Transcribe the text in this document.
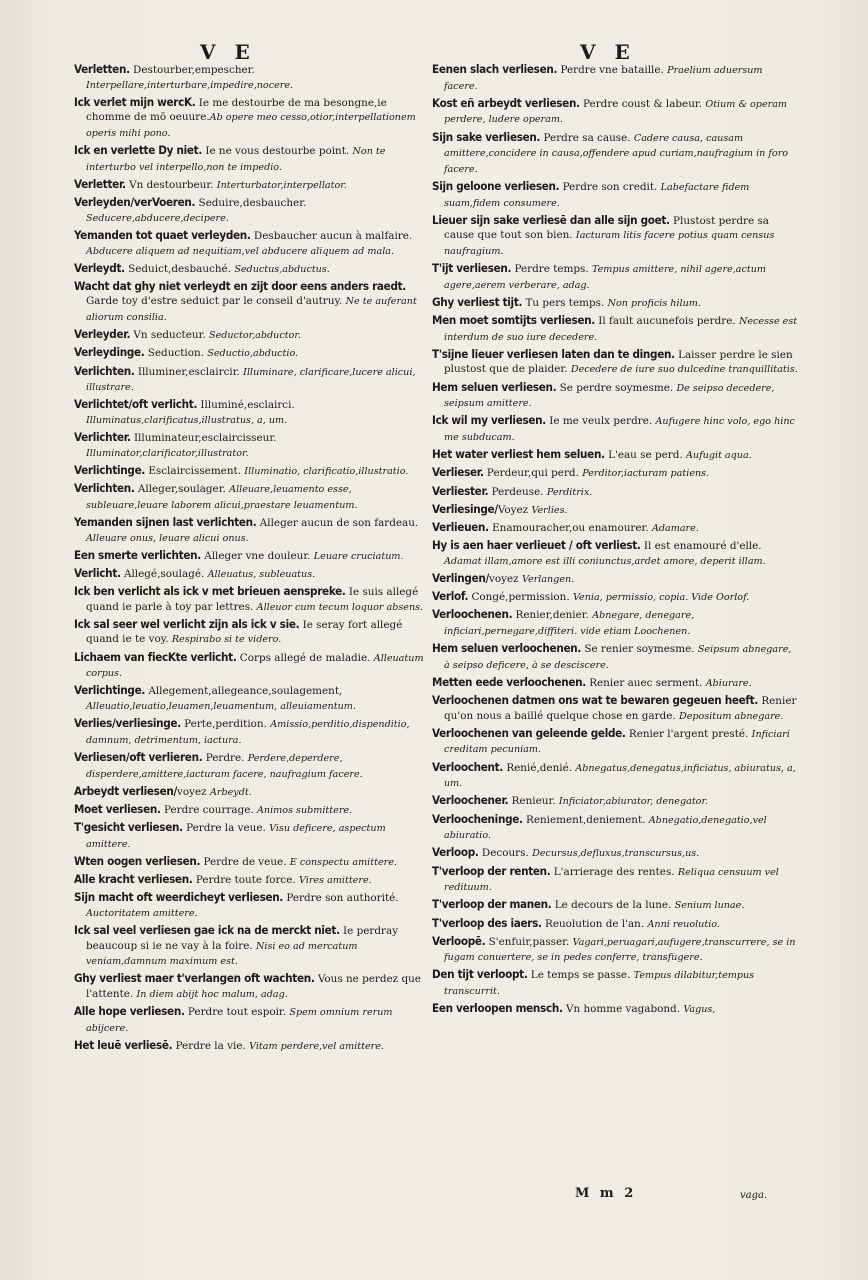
V E	V E

Verletten. Destourber,empescher. Interpellare,interturbare,impedire,nocere.

Ick verlet mijn wercK. Ie me destourbe de ma besongne,ie chomme de mō oeuure.Ab opere meo cesso,otior,interpellationem operis mihi pono.

Ick en verlette Dy niet. Ie ne vous destourbe point. Non te interturbo vel interpello,non te impedio.

Verletter. Vn destourbeur. Interturbator,interpellator.

Verleyden/verVoeren. Seduire,desbaucher. Seducere,abducere,decipere.

Yemanden tot quaet verleyden. Desbaucher aucun à malfaire. Abducere aliquem ad nequitiam,vel abducere aliquem ad mala.

Verleydt. Seduict,desbauché. Seductus,abductus.

Wacht dat ghy niet verleydt en zijt door eens anders raedt. Garde toy d'estre seduict par le conseil d'autruy. Ne te auferant aliorum consilia.

Verleyder. Vn seducteur. Seductor,abductor.

Verleydinge. Seduction. Seductio,abductio.

Verlichten. Illuminer,esclaircir. Illuminare, clarificare,lucere alicui, illustrare.

Verlichtet/oft verlicht. Illuminé,esclairci. Illuminatus,clarificatus,illustratus, a, um.

Verlichter. Illuminateur,esclaircisseur. Illuminator,clarificator,illustrator.

Verlichtinge. Esclaircissement. Illuminatio, clarificatio,illustratio.

Verlichten. Alleger,soulager. Alleuare,leuamento esse, subleuare,leuare laborem alicui,praestare leuamentum.

Yemanden sijnen last verlichten. Alleger aucun de son fardeau. Alleuare onus, leuare alicui onus.

Een smerte verlichten. Alleger vne douleur. Leuare cruciatum.

Verlicht. Allegé,soulagé. Alleuatus, subleuatus.

Ick ben verlicht als ick v met brieuen aenspreke. Ie suis allegé quand ie parle à toy par lettres. Alleuor cum tecum loquor absens.

Ick sal seer wel verlicht zijn als ick v sie. Ie seray fort allegé quand ie te voy. Respirabo si te videro.

Lichaem van fiecKte verlicht. Corps allegé de maladie. Alleuatum corpus.

Verlichtinge. Allegement,allegeance,soulagement, Alleuatio,leuatio,leuamen,leuamentum, alleuiamentum.

Verlies/verliesinge. Perte,perdition. Amissio,perditio,dispenditio, damnum, detrimentum, iactura.

Verliesen/oft verlieren. Perdre. Perdere,deperdere, disperdere,amittere,iacturam facere, naufragium facere.

Arbeydt verliesen/voyez Arbeydt.

Moet verliesen. Perdre courrage. Animos submittere.

T'gesicht verliesen. Perdre la veue. Visu deficere, aspectum amittere.

Wten oogen verliesen. Perdre de veue. E conspectu amittere.

Alle kracht verliesen. Perdre toute force. Vires amittere.

Sijn macht oft weerdicheyt verliesen. Perdre son authorité. Auctoritatem amittere.

Ick sal veel verliesen gae ick na de merckt niet. Ie perdray beaucoup si ie ne vay à la foire. Nisi eo ad mercatum veniam,damnum maximum est.

Ghy verliest maer t'verlangen oft wachten. Vous ne perdez que l'attente. In diem abijt hoc malum, adag.

Alle hope verliesen. Perdre tout espoir. Spem omnium rerum abijcere.

Het leuē verliesē. Perdre la vie. Vitam perdere,vel amittere.

Eenen slach verliesen. Perdre vne bataille. Praelium aduersum facere.

Kost eñ arbeydt verliesen. Perdre coust & labeur. Otium & operam perdere, ludere operam.

Sijn sake verliesen. Perdre sa cause. Cadere causa, causam amittere,concidere in causa,offendere apud curiam,naufragium in foro facere.

Sijn geloone verliesen. Perdre son credit. Labefactare fidem suam,fidem consumere.

Lieuer sijn sake verliesē dan alle sijn goet. Plustost perdre sa cause que tout son bien. Iacturam litis facere potius quam census naufragium.

T'ijt verliesen. Perdre temps. Tempus amittere, nihil agere,actum agere,aerem verberare, adag.

Ghy verliest tijt. Tu pers temps. Non proficis hilum.

Men moet somtijts verliesen. Il fault aucunefois perdre. Necesse est interdum de suo iure decedere.

T'sijne lieuer verliesen laten dan te dingen. Laisser perdre le sien plustost que de plaider. Decedere de iure suo dulcedine tranquillitatis.

Hem seluen verliesen. Se perdre soymesme. De seipso decedere, seipsum amittere.

Ick wil my verliesen. Ie me veulx perdre. Aufugere hinc volo, ego hinc me subducam.

Het water verliest hem seluen. L'eau se perd. Aufugit aqua.

Verlieser. Perdeur,qui perd. Perditor,iacturam patiens.

Verliester. Perdeuse. Perditrix.

Verliesinge/Voyez Verlies.

Verlieuen. Enamouracher,ou enamourer. Adamare.

Hy is aen haer verlieuet / oft verliest. Il est enamouré d'elle. Adamat illam,amore est illi coniunctus,ardet amore, deperit illam.

Verlingen/voyez Verlangen.

Verlof. Congé,permission. Venia, permissio, copia. Vide Oorlof.

Verloochenen. Renier,denier. Abnegare, denegare, inficiari,pernegare,diffiteri. vide etiam Loochenen.

Hem seluen verloochenen. Se renier soymesme. Seipsum abnegare, à seipso deficere, à se desciscere.

Metten eede verloochenen. Renier auec serment. Abiurare.

Verloochenen datmen ons wat te bewaren gegeuen heeft. Renier qu'on nous a baillé quelque chose en garde. Depositum abnegare.

Verloochenen van geleende gelde. Renier l'argent presté. Inficiari creditam pecuniam.

Verloochent. Renié,denié. Abnegatus,denegatus,inficiatus, abiuratus, a, um.

Verloochener. Renieur. Inficiator,abiurator, denegator.

Verloocheninge. Reniement,deniement. Abnegatio,denegatio,vel abiuratio.

Verloop. Decours. Decursus,defluxus,transcursus,us.

T'verloop der renten. L'arrierage des rentes. Reliqua censuum vel redituum.

T'verloop der manen. Le decours de la lune. Senium lunae.

T'verloop des iaers. Reuolution de l'an. Anni reuolutio.

Verloopē. S'enfuir,passer. Vagari,peruagari,aufugere,transcurrere, se in fugam conuertere, se in pedes conferre, transfugere.

Den tijt verloopt. Le temps se passe. Tempus dilabitur,tempus transcurrit.

Een verloopen mensch. Vn homme vagabond. Vagus,

M m 2	vaga.
